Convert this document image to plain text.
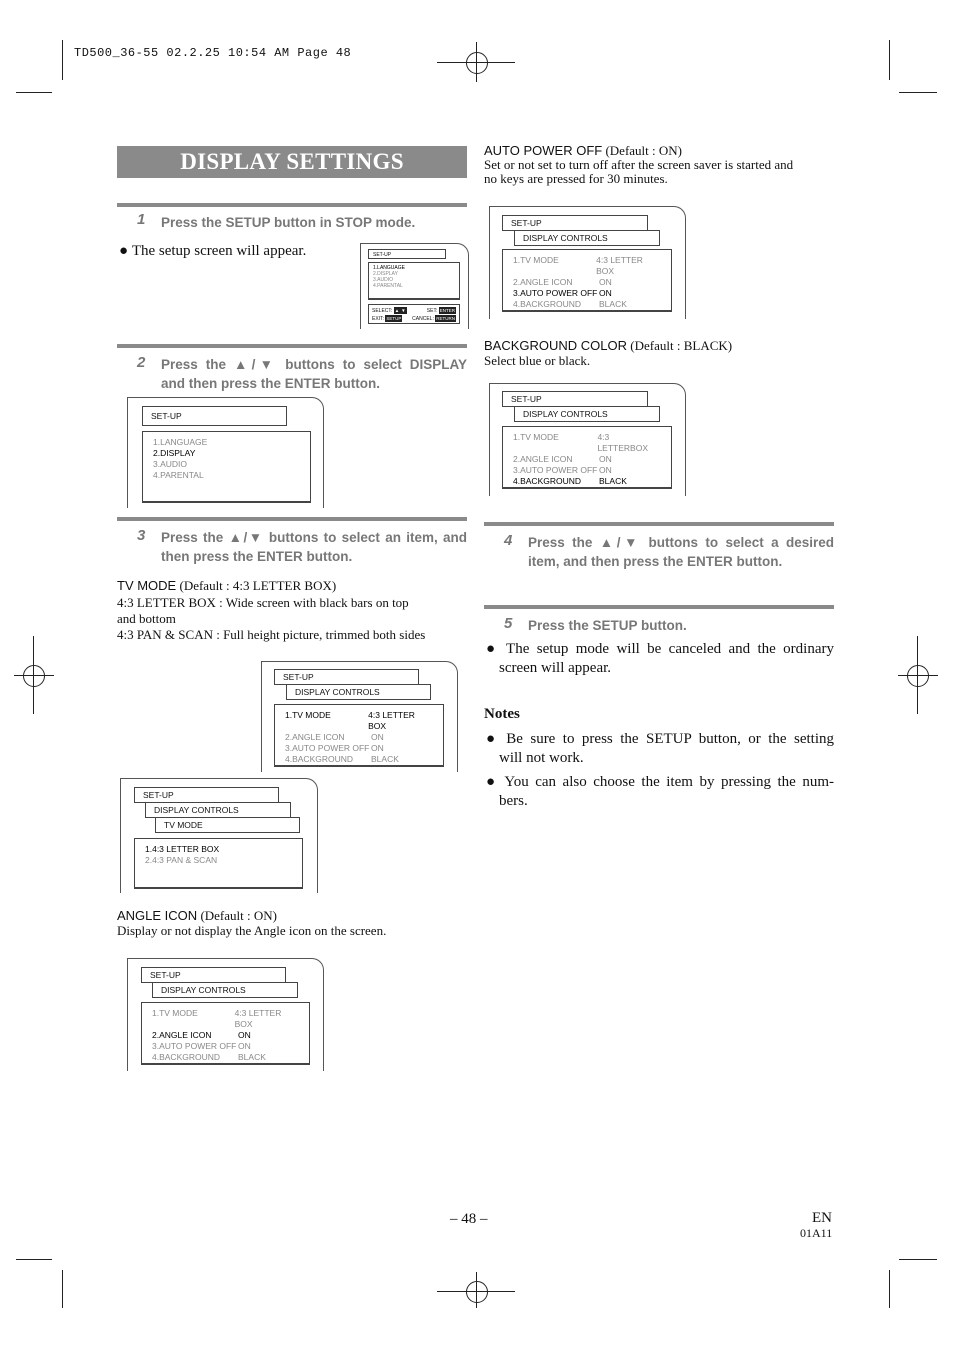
TD500_36-55 02.2.25 10:54 AM Page 48
DISPLAY SETTINGS
1 Press the SETUP button in STOP mode.
● The setup screen will appear.	SET-UP
1.LANGUAGE
2.DISPLAY
3.AUDIO
4.PARENTAL
SELECT: ▲ ▼	SET: ENTER
EXIT: SETUP CANCEL: RETURN
2 Press the ▲/▼ buttons to select DISPLAY
and then press the ENTER button.
SET-UP
1.LANGUAGE
2.DISPLAY
3.AUDIO
4.PARENTAL
3 Press the ▲/▼ buttons to select an item, and
then press the ENTER button.
TV MODE (Default : 4:3 LETTER BOX)
4:3 LETTER BOX : Wide screen with black bars on top
and bottom
4:3 PAN & SCAN : Full height picture, trimmed both sides
SET-UP
DISPLAY CONTROLS
1.TV MODE	4:3 LETTER BOX
2.ANGLE ICON	ON
3.AUTO POWER OFF ON
4.BACKGROUND	BLACK
SET-UP
DISPLAY CONTROLS
TV MODE
1.4:3 LETTER BOX
2.4:3 PAN & SCAN
ANGLE ICON (Default : ON)
Display or not display the Angle icon on the screen.
SET-UP
DISPLAY CONTROLS
1.TV MODE	4:3 LETTER BOX
2.ANGLE ICON	ON
3.AUTO POWER OFF ON
4.BACKGROUND	BLACK
AUTO POWER OFF (Default : ON)
Set or not set to turn off after the screen saver is started and
no keys are pressed for 30 minutes.
SET-UP
DISPLAY CONTROLS
1.TV MODE	4:3 LETTER BOX
2.ANGLE ICON	ON
3.AUTO POWER OFF ON
4.BACKGROUND	BLACK
BACKGROUND COLOR (Default : BLACK)
Select blue or black.
SET-UP
DISPLAY CONTROLS
1.TV MODE	4:3 LETTERBOX
2.ANGLE ICON	ON
3.AUTO POWER OFF ON
4.BACKGROUND	BLACK
4 Press the ▲/▼ buttons to select a desired
item, and then press the ENTER button.
5 Press the SETUP button.
● The setup mode will be canceled and the ordinary
screen will appear.
Notes
● Be sure to press the SETUP button, or the setting
will not work.
● You can also choose the item by pressing the num-
bers.
– 48 –	EN
01A11
